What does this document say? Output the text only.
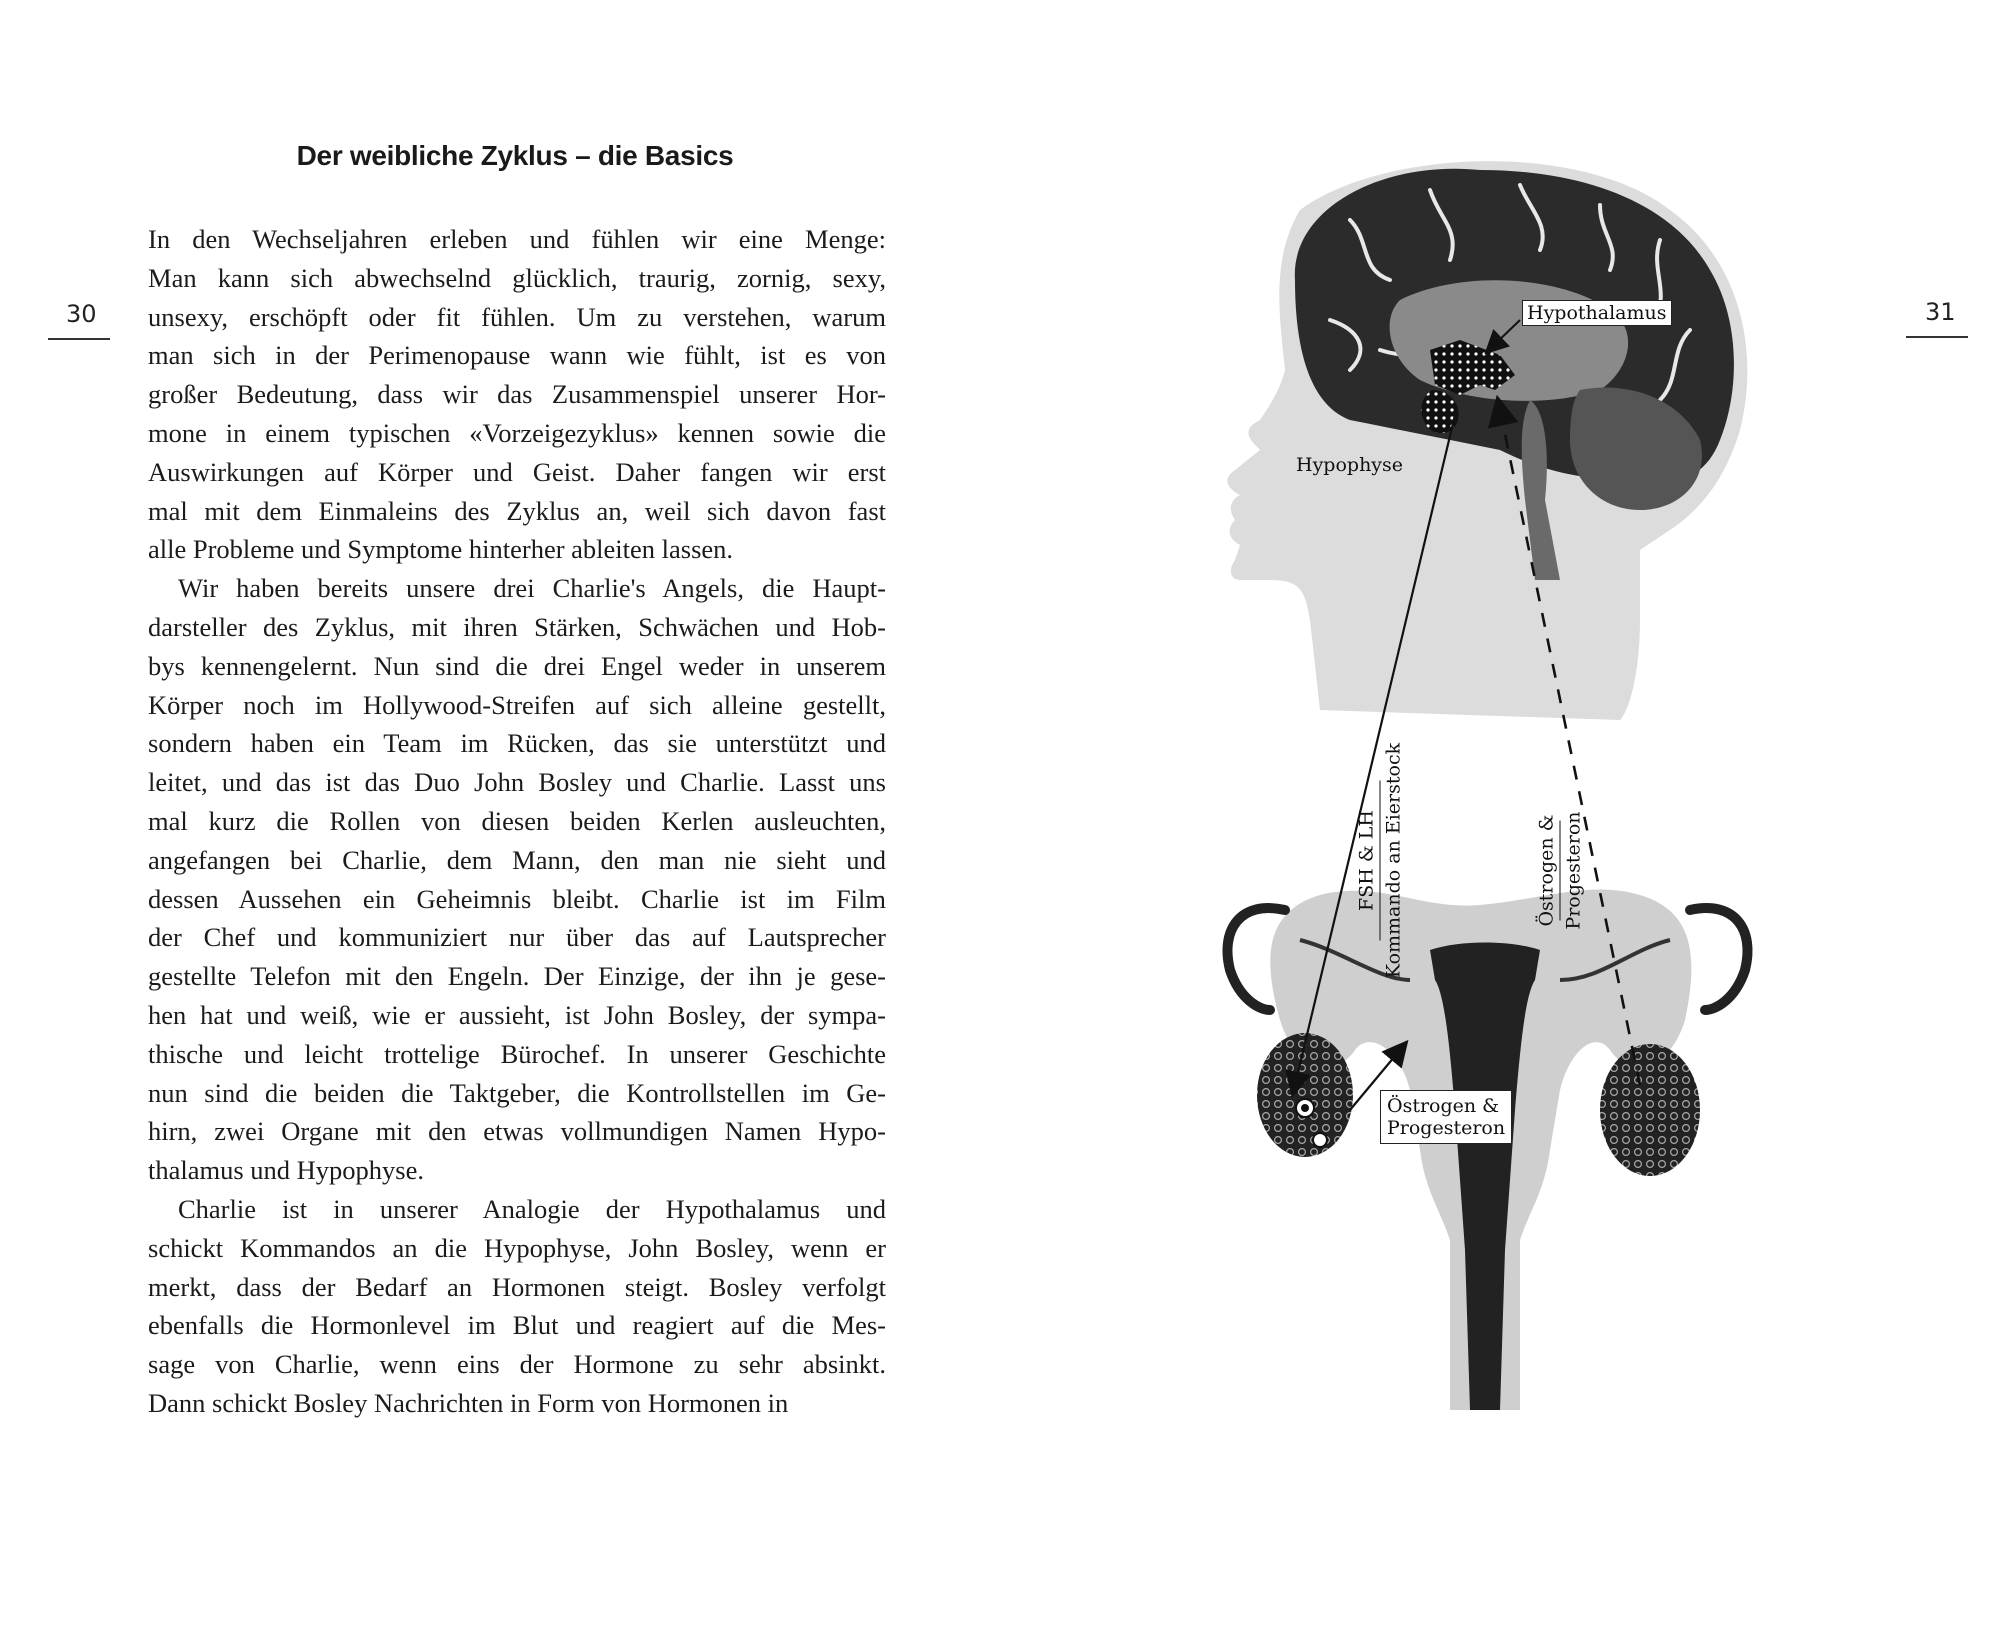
30
Der weibliche Zyklus – die Basics
In den Wechseljahren erleben und fühlen wir eine Menge:
Man kann sich abwechselnd glücklich, traurig, zornig, sexy,
unsexy, erschöpft oder fit fühlen. Um zu verstehen, warum
man sich in der Perimenopause wann wie fühlt, ist es von
großer Bedeutung, dass wir das Zusammenspiel unserer Hor-
mone in einem typischen «Vorzeigezyklus» kennen sowie die
Auswirkungen auf Körper und Geist. Daher fangen wir erst
mal mit dem Einmaleins des Zyklus an, weil sich davon fast
alle Probleme und Symptome hinterher ableiten lassen.
Wir haben bereits unsere drei Charlie's Angels, die Haupt-
darsteller des Zyklus, mit ihren Stärken, Schwächen und Hob-
bys kennengelernt. Nun sind die drei Engel weder in unserem
Körper noch im Hollywood-Streifen auf sich alleine gestellt,
sondern haben ein Team im Rücken, das sie unterstützt und
leitet, und das ist das Duo John Bosley und Charlie. Lasst uns
mal kurz die Rollen von diesen beiden Kerlen ausleuchten,
angefangen bei Charlie, dem Mann, den man nie sieht und
dessen Aussehen ein Geheimnis bleibt. Charlie ist im Film
der Chef und kommuniziert nur über das auf Lautsprecher
gestellte Telefon mit den Engeln. Der Einzige, der ihn je gese-
hen hat und weiß, wie er aussieht, ist John Bosley, der sympa-
thische und leicht trottelige Bürochef. In unserer Geschichte
nun sind die beiden die Taktgeber, die Kontrollstellen im Ge-
hirn, zwei Organe mit den etwas vollmundigen Namen Hypo-
thalamus und Hypophyse.
Charlie ist in unserer Analogie der Hypothalamus und
schickt Kommandos an die Hypophyse, John Bosley, wenn er
merkt, dass der Bedarf an Hormonen steigt. Bosley verfolgt
ebenfalls die Hormonlevel im Blut und reagiert auf die Mes-
sage von Charlie, wenn eins der Hormone zu sehr absinkt.
Dann schickt Bosley Nachrichten in Form von Hormonen in
31
Hypothalamus
Hypophyse
FSH & LH Kommando an Eierstock	Östrogen & Progesteron
Östrogen &
Progesteron
